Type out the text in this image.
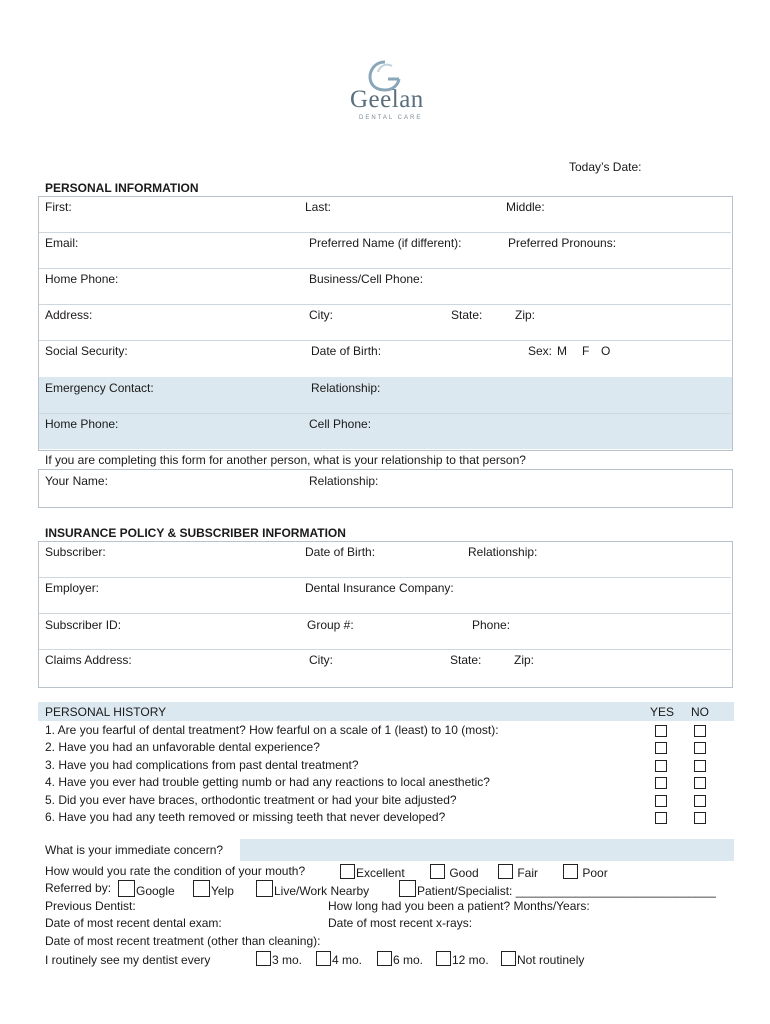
Geelan
DENTAL CARE
Today’s Date:
PERSONAL INFORMATION
First:	Last:	Middle:
Email:	Preferred Name (if different):	Preferred Pronouns:
Home Phone:	Business/Cell Phone:
Address:	City:	State:	Zip:
Social Security:	Date of Birth:	Sex: M F O
Emergency Contact:	Relationship:
Home Phone:	Cell Phone:
If you are completing this form for another person, what is your relationship to that person?
Your Name:	Relationship:
INSURANCE POLICY & SUBSCRIBER INFORMATION
Subscriber:	Date of Birth:	Relationship:
Employer:	Dental Insurance Company:
Subscriber ID:	Group #:	Phone:
Claims Address:	City:	State:	Zip:
PERSONAL HISTORY	YES NO
1. Are you fearful of dental treatment? How fearful on a scale of 1 (least) to 10 (most):
2. Have you had an unfavorable dental experience?
3. Have you had complications from past dental treatment?
4. Have you ever had trouble getting numb or had any reactions to local anesthetic?
5. Did you ever have braces, orthodontic treatment or had your bite adjusted?
6. Have you had any teeth removed or missing teeth that never developed?
What is your immediate concern?
How would you rate the condition of your mouth?	Excellent	Good	Fair	Poor
Referred by:	Google	Yelp	Live/Work Nearby	Patient/Specialist: ______________________________
Previous Dentist:	How long had you been a patient? Months/Years:
Date of most recent dental exam:	Date of most recent x-rays:
Date of most recent treatment (other than cleaning):
I routinely see my dentist every	3 mo.	4 mo.	6 mo.	12 mo.	Not routinely
